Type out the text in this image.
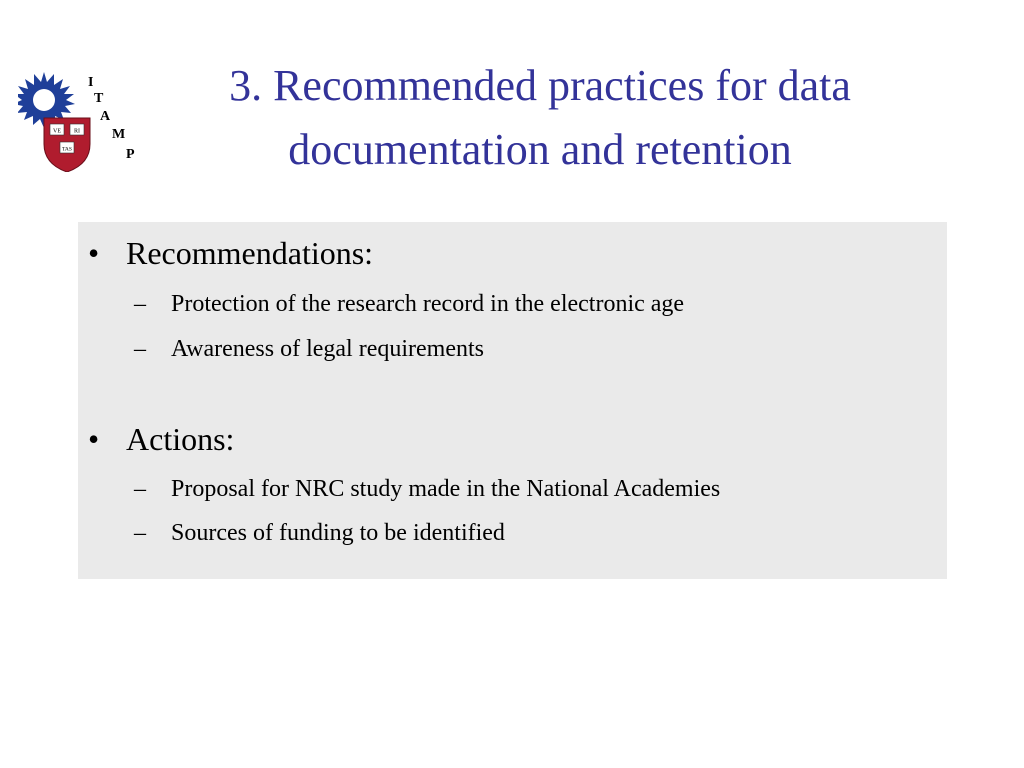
VE RI
TAS
I
T
A
M
P
3. Recommended practices for data
documentation and retention
• Recommendations:
– Protection of the research record in the electronic age
– Awareness of legal requirements
• Actions:
– Proposal for NRC study made in the National Academies
– Sources of funding to be identified
